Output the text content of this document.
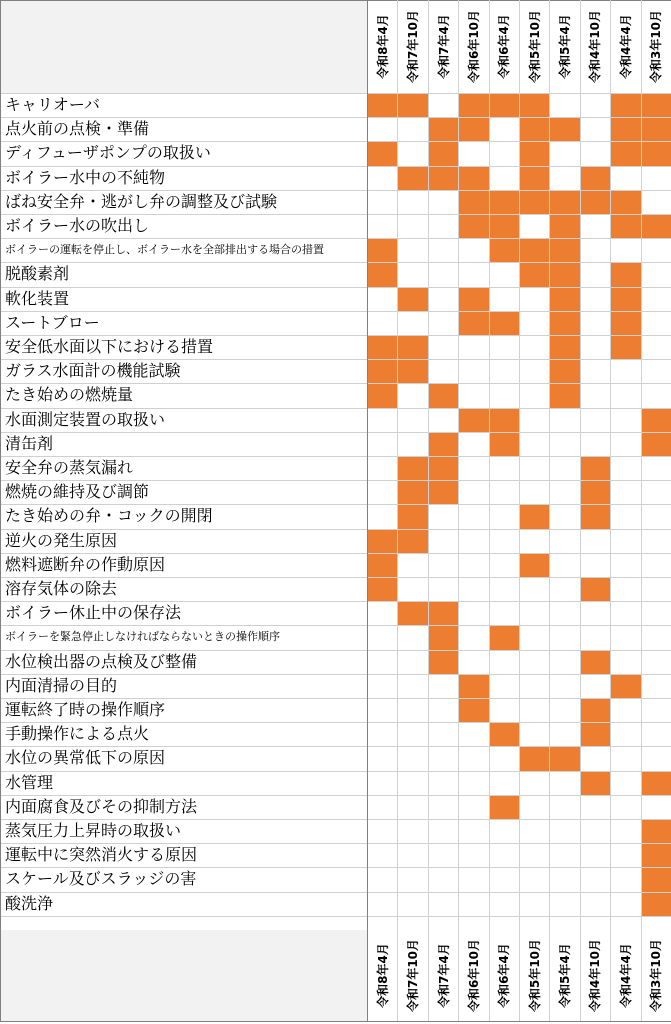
キャリオーバ
点火前の点検・準備
ディフューザポンプの取扱い
ボイラー水中の不純物
ばね安全弁・逃がし弁の調整及び試験
ボイラー水の吹出し
ボイラーの運転を停止し、ボイラー水を全部排出する場合の措置
脱酸素剤
軟化装置
スートブロー
安全低水面以下における措置
ガラス水面計の機能試験
たき始めの燃焼量
水面測定装置の取扱い
清缶剤
安全弁の蒸気漏れ
燃焼の維持及び調節
たき始めの弁・コックの開閉
逆火の発生原因
燃料遮断弁の作動原因
溶存気体の除去
ボイラー休止中の保存法
ボイラーを緊急停止しなければならないときの操作順序
水位検出器の点検及び整備
内面清掃の目的
運転終了時の操作順序
手動操作による点火
水位の異常低下の原因
水管理
内面腐食及びその抑制方法
蒸気圧力上昇時の取扱い
運転中に突然消火する原因
スケール及びスラッジの害
酸洗浄
令和8年4月
令和8年4月
令和7年10月
令和7年10月
令和7年4月
令和7年4月
令和6年10月
令和6年10月
令和6年4月
令和6年4月
令和5年10月
令和5年10月
令和5年4月
令和5年4月
令和4年10月
令和4年10月
令和4年4月
令和4年4月
令和3年10月
令和3年10月
